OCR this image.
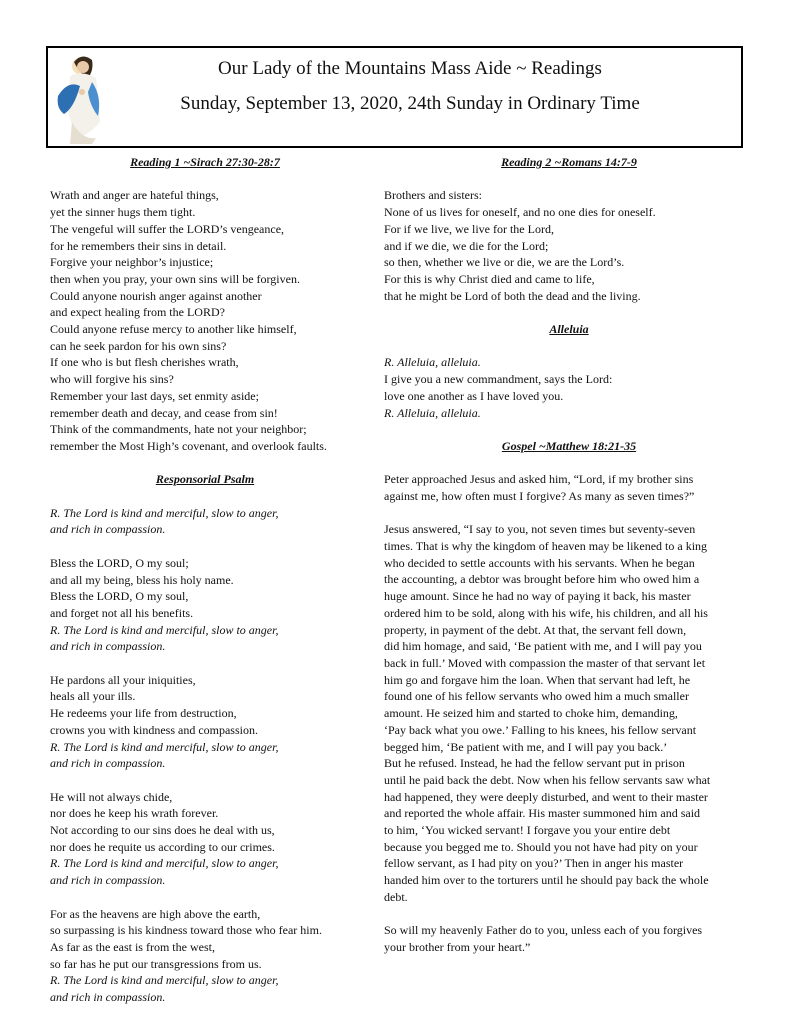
Our Lady of the Mountains Mass Aide ~ Readings
Sunday, September 13, 2020, 24th Sunday in Ordinary Time
Reading 1 ~Sirach 27:30-28:7
Wrath and anger are hateful things,
yet the sinner hugs them tight.
The vengeful will suffer the LORD’s vengeance,
for he remembers their sins in detail.
Forgive your neighbor’s injustice;
then when you pray, your own sins will be forgiven.
Could anyone nourish anger against another
and expect healing from the LORD?
Could anyone refuse mercy to another like himself,
can he seek pardon for his own sins?
If one who is but flesh cherishes wrath,
who will forgive his sins?
Remember your last days, set enmity aside;
remember death and decay, and cease from sin!
Think of the commandments, hate not your neighbor;
remember the Most High’s covenant, and overlook faults.
Responsorial Psalm
R. The Lord is kind and merciful, slow to anger,
and rich in compassion.
Bless the LORD, O my soul;
and all my being, bless his holy name.
Bless the LORD, O my soul,
and forget not all his benefits.
R. The Lord is kind and merciful, slow to anger,
and rich in compassion.
He pardons all your iniquities,
heals all your ills.
He redeems your life from destruction,
crowns you with kindness and compassion.
R. The Lord is kind and merciful, slow to anger,
and rich in compassion.
He will not always chide,
nor does he keep his wrath forever.
Not according to our sins does he deal with us,
nor does he requite us according to our crimes.
R. The Lord is kind and merciful, slow to anger,
and rich in compassion.
For as the heavens are high above the earth,
so surpassing is his kindness toward those who fear him.
As far as the east is from the west,
so far has he put our transgressions from us.
R. The Lord is kind and merciful, slow to anger,
and rich in compassion.
Reading 2 ~Romans 14:7-9
Brothers and sisters:
None of us lives for oneself, and no one dies for oneself.
For if we live, we live for the Lord,
and if we die, we die for the Lord;
so then, whether we live or die, we are the Lord’s.
For this is why Christ died and came to life,
that he might be Lord of both the dead and the living.
Alleluia
R. Alleluia, alleluia.
I give you a new commandment, says the Lord:
love one another as I have loved you.
R. Alleluia, alleluia.
Gospel ~Matthew 18:21-35
Peter approached Jesus and asked him, “Lord, if my brother sins
against me, how often must I forgive? As many as seven times?”
Jesus answered, “I say to you, not seven times but seventy-seven
times. That is why the kingdom of heaven may be likened to a king
who decided to settle accounts with his servants. When he began
the accounting, a debtor was brought before him who owed him a
huge amount. Since he had no way of paying it back, his master
ordered him to be sold, along with his wife, his children, and all his
property, in payment of the debt. At that, the servant fell down,
did him homage, and said, ‘Be patient with me, and I will pay you
back in full.’ Moved with compassion the master of that servant let
him go and forgave him the loan. When that servant had left, he
found one of his fellow servants who owed him a much smaller
amount. He seized him and started to choke him, demanding,
‘Pay back what you owe.’ Falling to his knees, his fellow servant
begged him, ‘Be patient with me, and I will pay you back.’
But he refused. Instead, he had the fellow servant put in prison
until he paid back the debt. Now when his fellow servants saw what
had happened, they were deeply disturbed, and went to their master
and reported the whole affair. His master summoned him and said
to him, ‘You wicked servant! I forgave you your entire debt
because you begged me to. Should you not have had pity on your
fellow servant, as I had pity on you?’ Then in anger his master
handed him over to the torturers until he should pay back the whole
debt.
So will my heavenly Father do to you, unless each of you forgives
your brother from your heart.”
